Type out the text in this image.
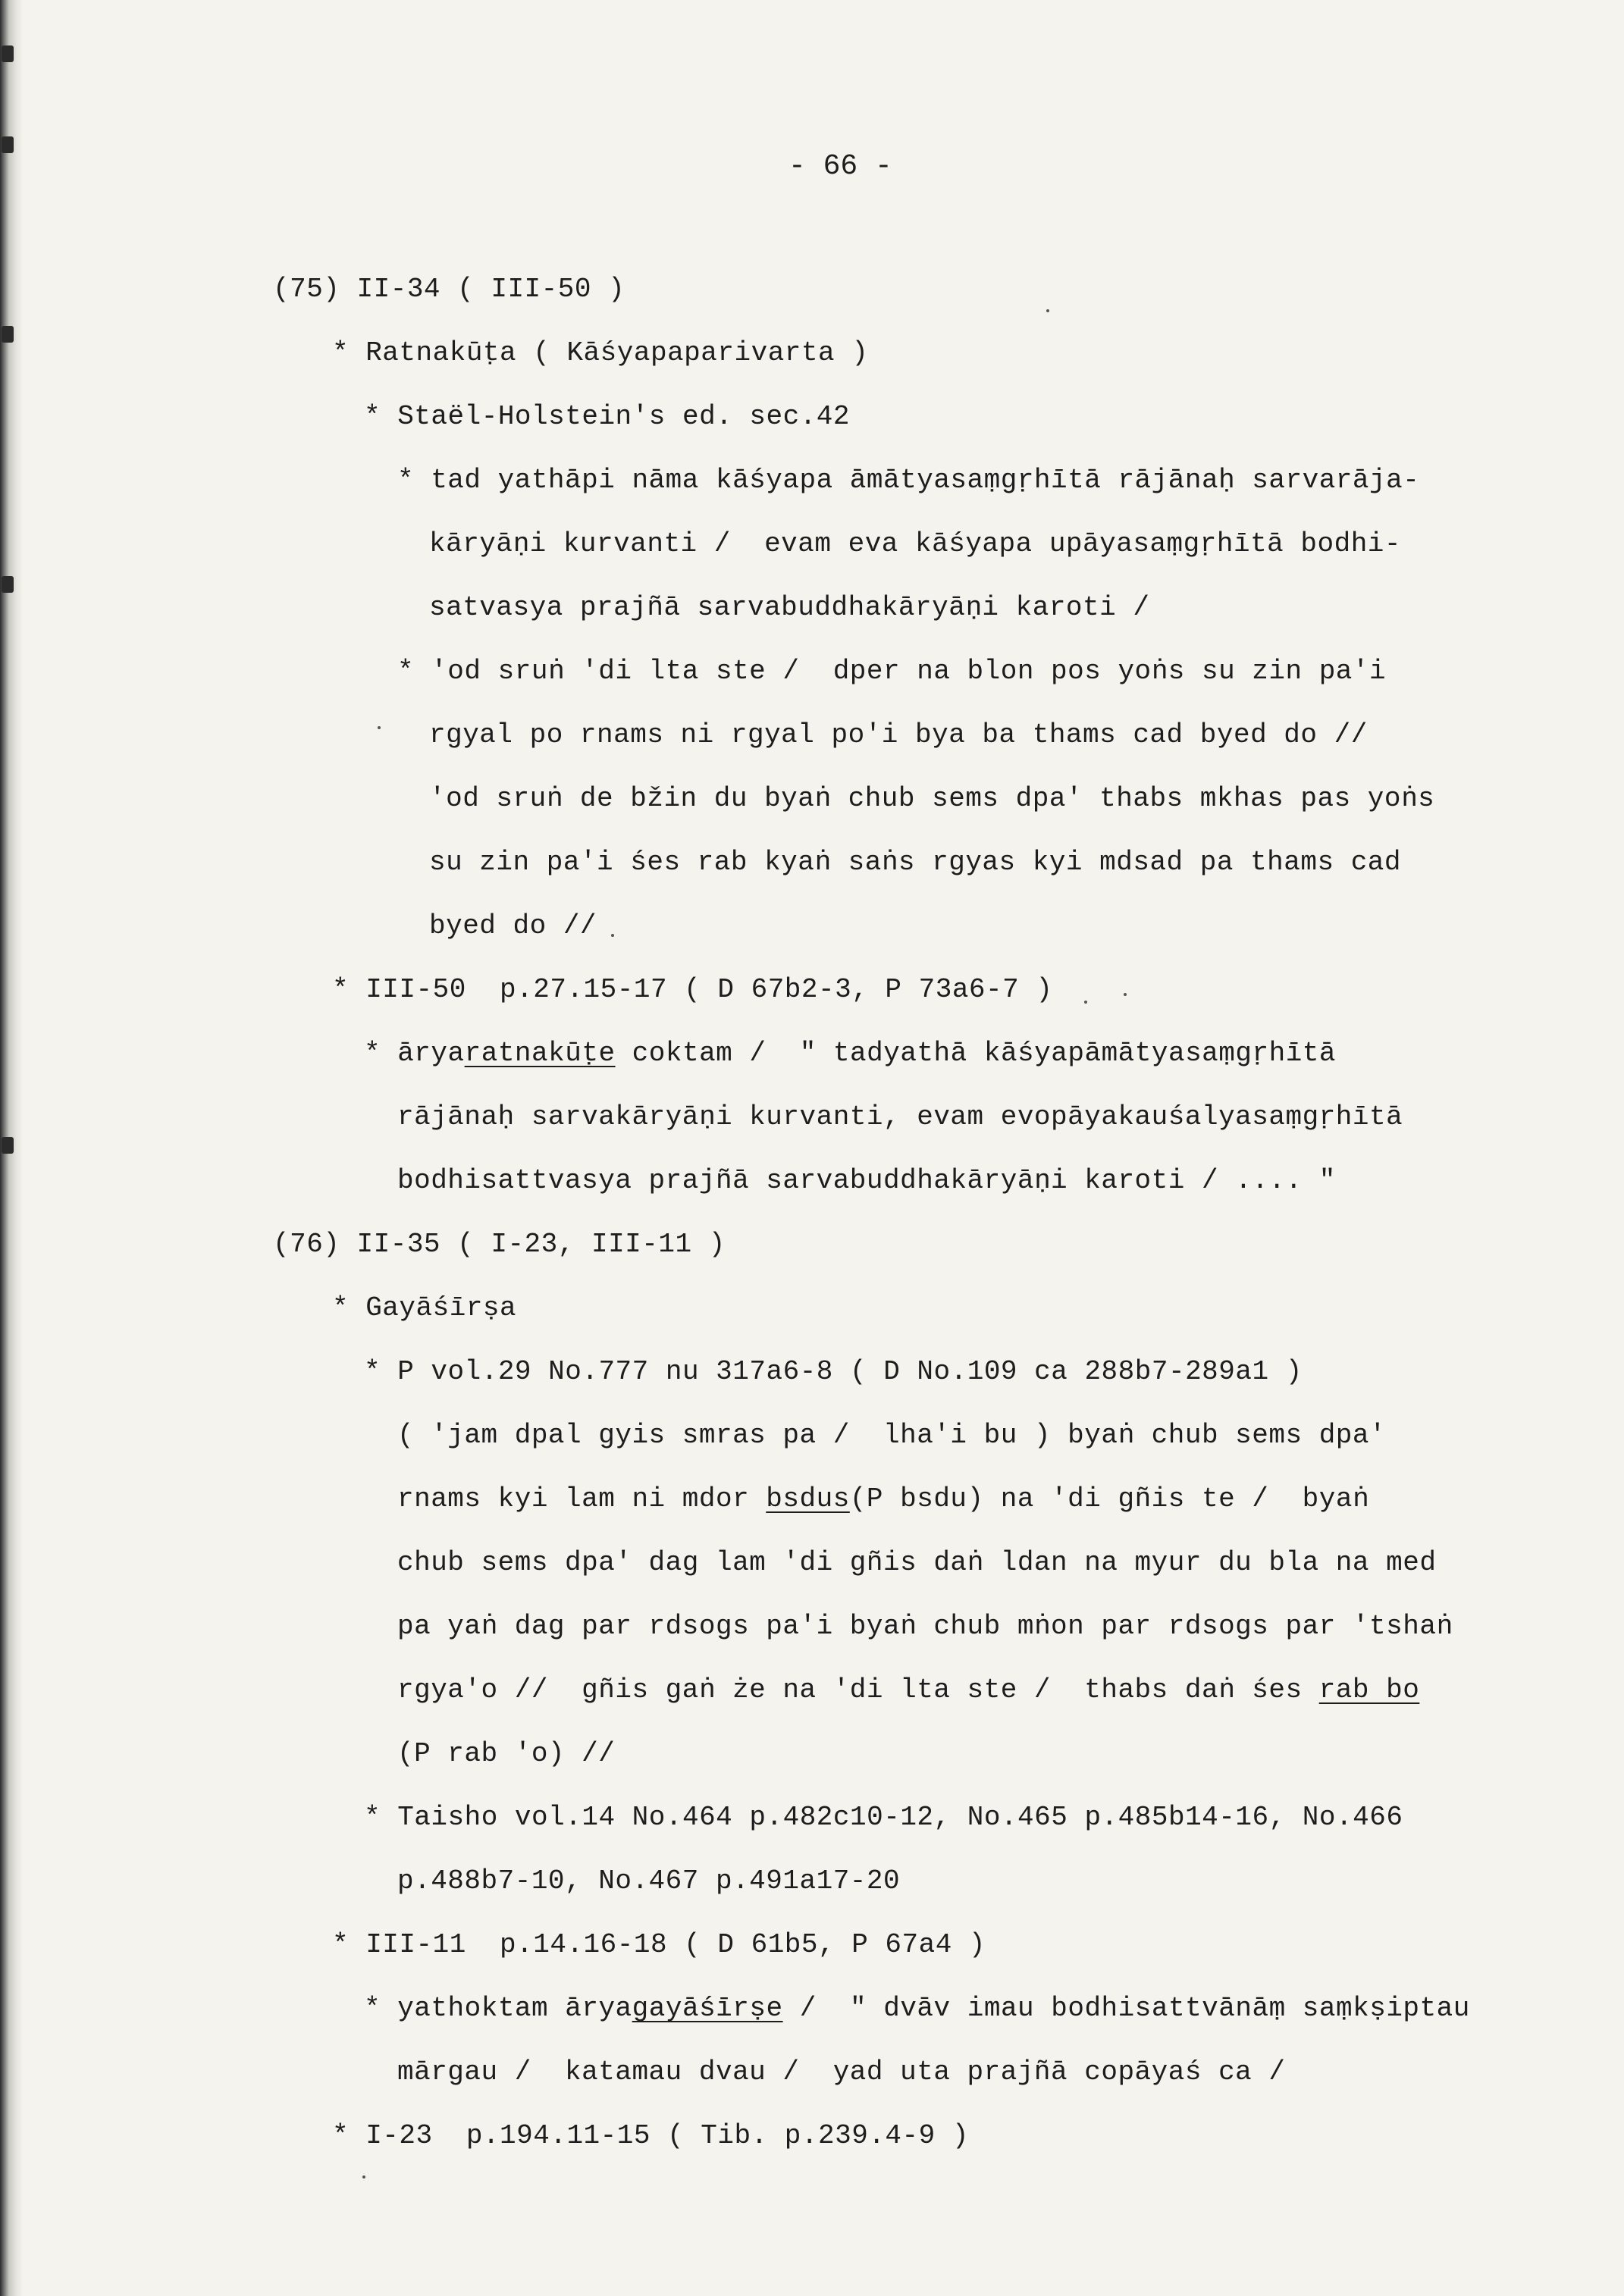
- 66 -
(75) II-34 ( III-50 )
* Ratnakūṭa ( Kāśyapaparivarta )
* Staël-Holstein's ed. sec.42
* tad yathāpi nāma kāśyapa āmātyasaṃgṛhītā rājānaḥ sarvarāja-
kāryāṇi kurvanti /  evam eva kāśyapa upāyasaṃgṛhītā bodhi-
satvasya prajñā sarvabuddhakāryāṇi karoti /
* 'od sruṅ 'di lta ste /  dper na blon pos yoṅs su zin pa'i
rgyal po rnams ni rgyal po'i bya ba thams cad byed do //
'od sruṅ de bžin du byaṅ chub sems dpa' thabs mkhas pas yoṅs
su zin pa'i śes rab kyaṅ saṅs rgyas kyi mdsad pa thams cad
byed do //
* III-50  p.27.15-17 ( D 67b2-3, P 73a6-7 )
* āryaratnakūṭe coktam /  " tadyathā kāśyapāmātyasaṃgṛhītā
rājānaḥ sarvakāryāṇi kurvanti, evam evopāyakauśalyasaṃgṛhītā
bodhisattvasya prajñā sarvabuddhakāryāṇi karoti / .... "
(76) II-35 ( I-23, III-11 )
* Gayāśīrṣa
* P vol.29 No.777 nu 317a6-8 ( D No.109 ca 288b7-289a1 )
( 'jam dpal gyis smras pa /  lha'i bu ) byaṅ chub sems dpa'
rnams kyi lam ni mdor bsdus(P bsdu) na 'di gñis te /  byaṅ
chub sems dpa' dag lam 'di gñis daṅ ldan na myur du bla na med
pa yaṅ dag par rdsogs pa'i byaṅ chub mṅon par rdsogs par 'tshaṅ
rgya'o //  gñis gaṅ że na 'di lta ste /  thabs daṅ śes rab bo
(P rab 'o) //
* Taisho vol.14 No.464 p.482c10-12, No.465 p.485b14-16, No.466
p.488b7-10, No.467 p.491a17-20
* III-11  p.14.16-18 ( D 61b5, P 67a4 )
* yathoktam āryagayāśīrṣe /  " dvāv imau bodhisattvānāṃ saṃkṣiptau
mārgau /  katamau dvau /  yad uta prajñā copāyaś ca /
* I-23  p.194.11-15 ( Tib. p.239.4-9 )
